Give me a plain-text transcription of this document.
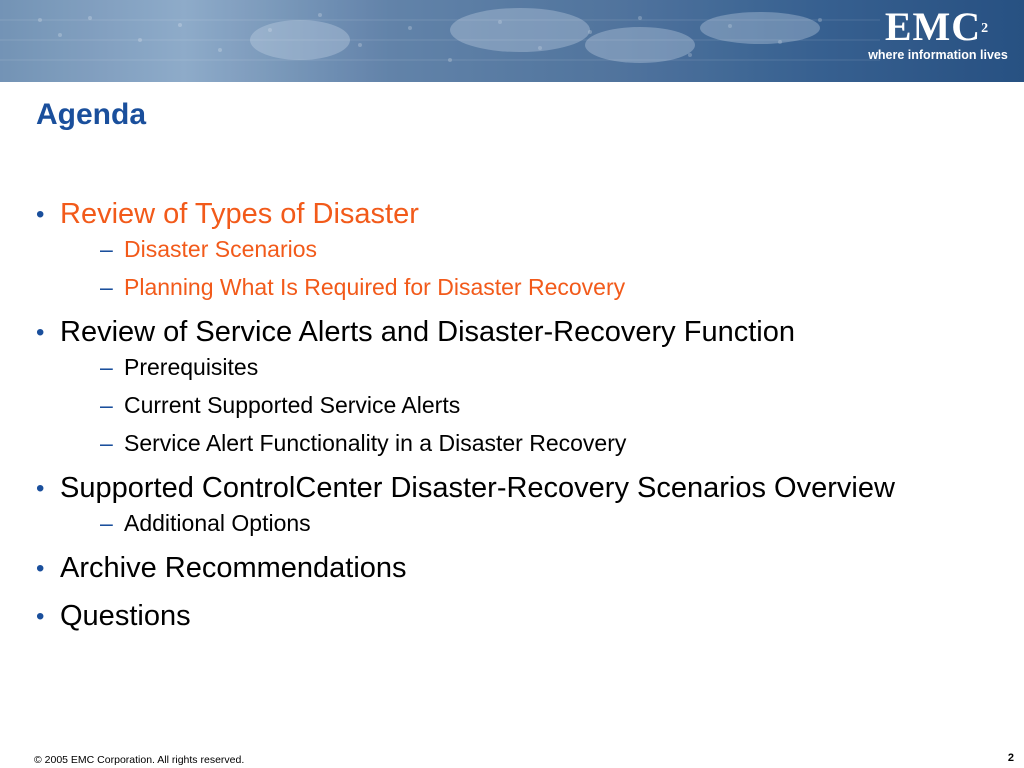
EMC$^2$
where information lives
Agenda
• Review of Types of Disaster
– Disaster Scenarios
– Planning What Is Required for Disaster Recovery
• Review of Service Alerts and Disaster-Recovery Function
– Prerequisites
– Current Supported Service Alerts
– Service Alert Functionality in a Disaster Recovery
• Supported ControlCenter Disaster-Recovery Scenarios Overview
– Additional Options
• Archive Recommendations
• Questions
© 2005 EMC Corporation. All rights reserved.	2
